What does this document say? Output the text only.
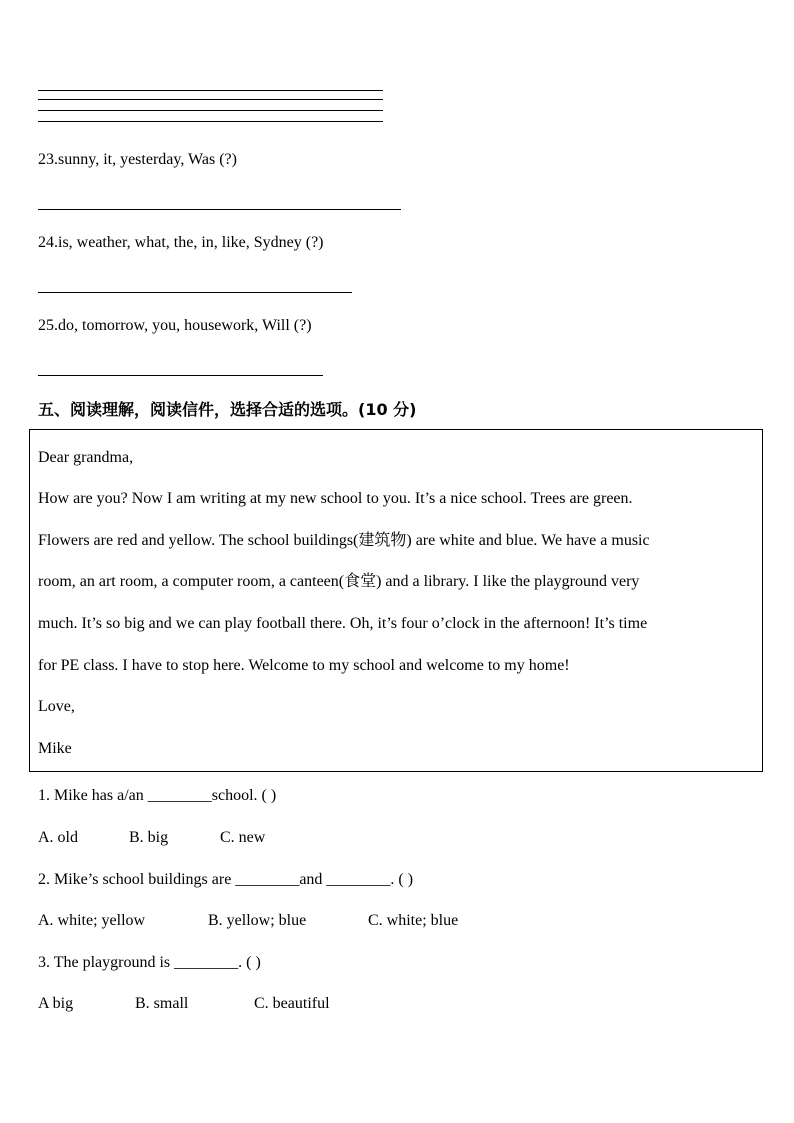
23.sunny, it, yesterday, Was (?)
24.is, weather, what, the, in, like, Sydney (?)
25.do, tomorrow, you, housework, Will (?)
五、阅读理解，阅读信件，选择合适的选项。(10 分)
Dear grandma,
How are you? Now I am writing at my new school to you. It’s a nice school. Trees are green.
Flowers are red and yellow. The school buildings(建筑物) are white and blue. We have a music
room, an art room, a computer room, a canteen(食堂) and a library. I like the playground very
much. It’s so big and we can play football there. Oh, it’s four o’clock in the afternoon! It’s time
for PE class. I have to stop here. Welcome to my school and welcome to my home!
Love,
Mike
1. Mike has a/an ________school. ( )
A. old	B. big	C. new
2. Mike’s school buildings are ________and ________. ( )
A. white; yellow	B. yellow; blue	C. white; blue
3. The playground is ________. ( )
A big	B. small	C. beautiful
